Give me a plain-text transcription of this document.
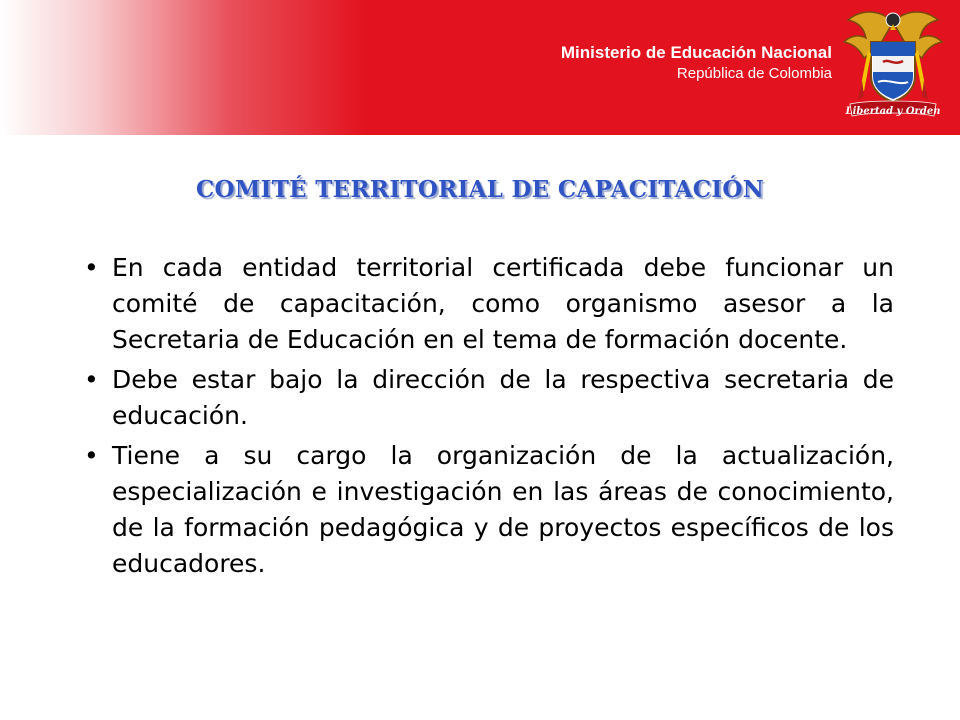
Ministerio de Educación Nacional
República de Colombia
Libertad y Orden
COMITÉ TERRITORIAL DE CAPACITACIÓN
• En cada entidad territorial certificada debe funcionar un comité de capacitación, como organismo asesor a la Secretaria de Educación en el tema de formación docente.
• Debe estar bajo la dirección de la respectiva secretaria de educación.
• Tiene a su cargo la organización de la actualización, especialización e investigación en las áreas de conocimiento, de la formación pedagógica y de proyectos específicos de los educadores.
